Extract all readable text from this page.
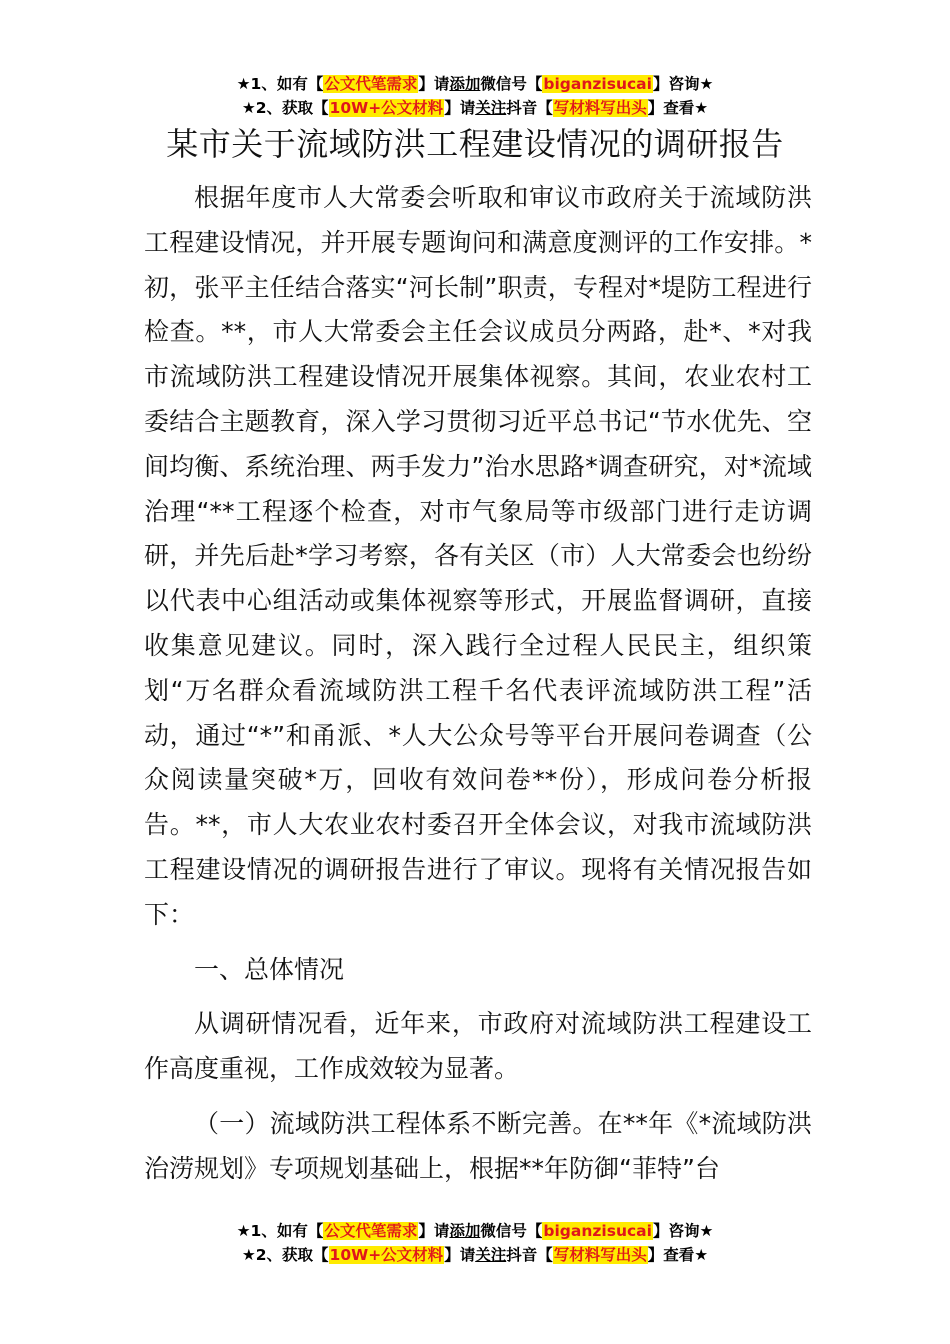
★1、如有【公文代笔需求】请添加微信号【biganzisucai】咨询★
★2、获取【10W+公文材料】请关注抖音【写材料写出头】查看★
某市关于流域防洪工程建设情况的调研报告

根据年度市人大常委会听取和审议市政府关于流域防洪工程建设情况，并开展专题询问和满意度测评的工作安排。*初，张平主任结合落实“河长制”职责，专程对*堤防工程进行检查。**，市人大常委会主任会议成员分两路，赴*、*对我市流域防洪工程建设情况开展集体视察。其间，农业农村工委结合主题教育，深入学习贯彻习近平总书记“节水优先、空间均衡、系统治理、两手发力”治水思路*调查研究，对*流域治理“**工程逐个检查，对市气象局等市级部门进行走访调研，并先后赴*学习考察，各有关区（市）人大常委会也纷纷以代表中心组活动或集体视察等形式，开展监督调研，直接收集意见建议。同时，深入践行全过程人民民主，组织策划“万名群众看流域防洪工程千名代表评流域防洪工程”活动，通过“*”和甬派、*人大公众号等平台开展问卷调查（公众阅读量突破*万，回收有效问卷**份），形成问卷分析报告。**，市人大农业农村委召开全体会议，对我市流域防洪工程建设情况的调研报告进行了审议。现将有关情况报告如下：

一、总体情况

从调研情况看，近年来，市政府对流域防洪工程建设工作高度重视，工作成效较为显著。

（一）流域防洪工程体系不断完善。在**年《*流域防洪治涝规划》专项规划基础上，根据**年防御“菲特”台

★1、如有【公文代笔需求】请添加微信号【biganzisucai】咨询★
★2、获取【10W+公文材料】请关注抖音【写材料写出头】查看★
